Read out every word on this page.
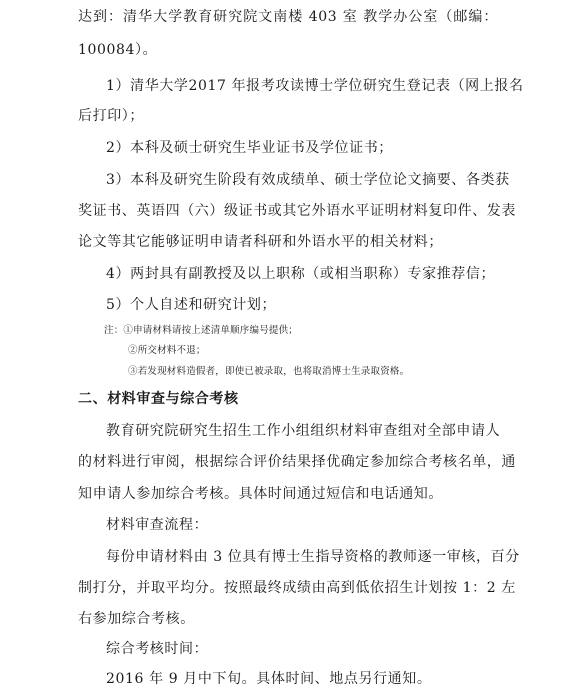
达到：清华大学教育研究院文南楼 403 室 教学办公室（邮编：
100084）。
1）清华大学2017 年报考攻读博士学位研究生登记表（网上报名
后打印）；
2）本科及硕士研究生毕业证书及学位证书；
3）本科及研究生阶段有效成绩单、硕士学位论文摘要、各类获
奖证书、英语四（六）级证书或其它外语水平证明材料复印件、发表
论文等其它能够证明申请者科研和外语水平的相关材料；
4）两封具有副教授及以上职称（或相当职称）专家推荐信；
5）个人自述和研究计划；
注：①申请材料请按上述清单顺序编号提供；
②所交材料不退；
③若发现材料造假者，即使已被录取，也将取消博士生录取资格。
二、材料审查与综合考核
教育研究院研究生招生工作小组组织材料审查组对全部申请人
的材料进行审阅，根据综合评价结果择优确定参加综合考核名单，通
知申请人参加综合考核。具体时间通过短信和电话通知。
材料审查流程：
每份申请材料由 3 位具有博士生指导资格的教师逐一审核，百分
制打分，并取平均分。按照最终成绩由高到低依招生计划按 1：2 左
右参加综合考核。
综合考核时间：
2016 年 9 月中下旬。具体时间、地点另行通知。
